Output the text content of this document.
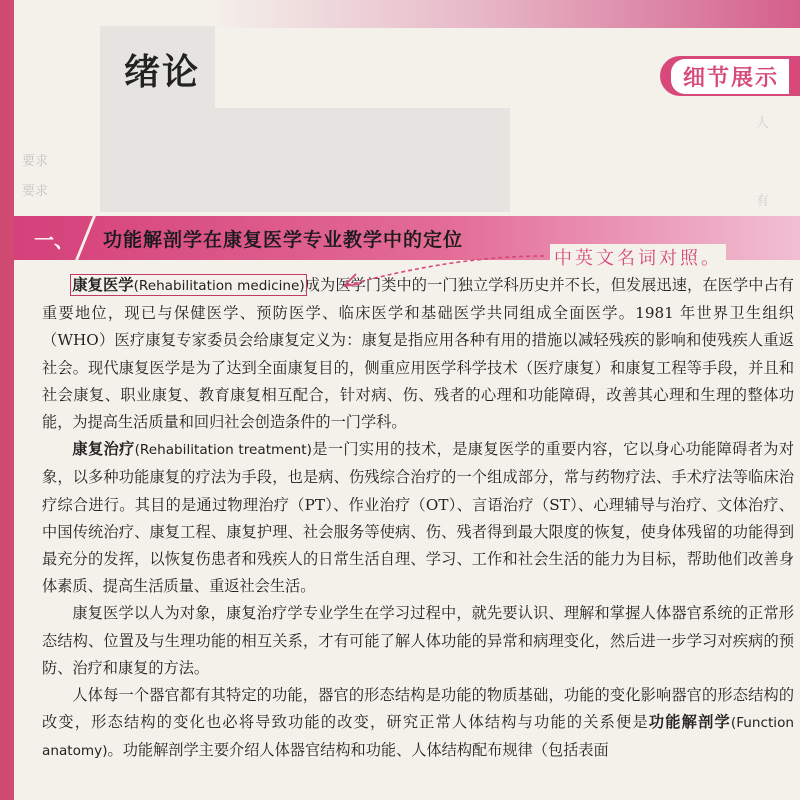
绪论
要求
要求
人
有
一、	功能解剖学在康复医学专业教学中的定位

康复医学(Rehabilitation medicine)成为医学门类中的一门独立学科历史并不长，但发展迅速，在医学中占有重要地位，现已与保健医学、预防医学、临床医学和基础医学共同组成全面医学。1981 年世界卫生组织（WHO）医疗康复专家委员会给康复定义为：康复是指应用各种有用的措施以减轻残疾的影响和使残疾人重返社会。现代康复医学是为了达到全面康复目的，侧重应用医学科学技术（医疗康复）和康复工程等手段，并且和社会康复、职业康复、教育康复相互配合，针对病、伤、残者的心理和功能障碍，改善其心理和生理的整体功能，为提高生活质量和回归社会创造条件的一门学科。

康复治疗(Rehabilitation treatment)是一门实用的技术，是康复医学的重要内容，它以身心功能障碍者为对象，以多种功能康复的疗法为手段，也是病、伤残综合治疗的一个组成部分，常与药物疗法、手术疗法等临床治疗综合进行。其目的是通过物理治疗（PT）、作业治疗（OT）、言语治疗（ST）、心理辅导与治疗、文体治疗、中国传统治疗、康复工程、康复护理、社会服务等使病、伤、残者得到最大限度的恢复，使身体残留的功能得到最充分的发挥，以恢复伤患者和残疾人的日常生活自理、学习、工作和社会生活的能力为目标，帮助他们改善身体素质、提高生活质量、重返社会生活。

康复医学以人为对象，康复治疗学专业学生在学习过程中，就先要认识、理解和掌握人体器官系统的正常形态结构、位置及与生理功能的相互关系，才有可能了解人体功能的异常和病理变化，然后进一步学习对疾病的预防、治疗和康复的方法。

人体每一个器官都有其特定的功能，器官的形态结构是功能的物质基础，功能的变化影响器官的形态结构的改变，形态结构的变化也必将导致功能的改变，研究正常人体结构与功能的关系便是功能解剖学(Function anatomy)。功能解剖学主要介绍人体器官结构和功能、人体结构配布规律（包括表面

中英文名词对照。
细节展示
